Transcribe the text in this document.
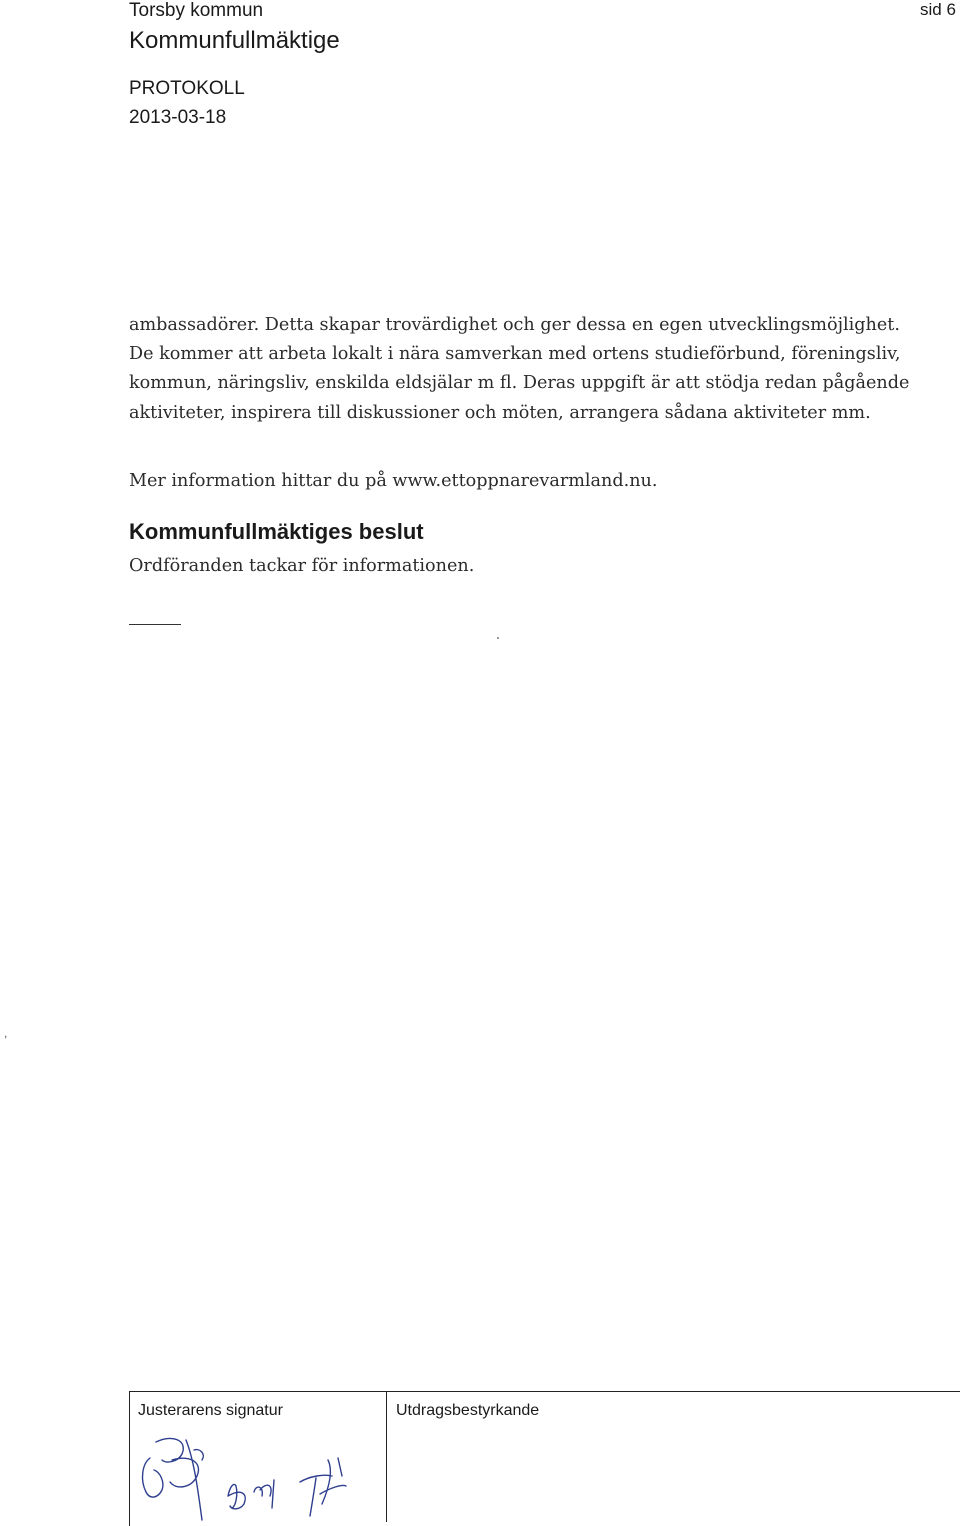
Torsby kommun
Kommunfullmäktige
sid 6
PROTOKOLL
2013-03-18
ambassadörer. Detta skapar trovärdighet och ger dessa en egen utvecklingsmöjlighet. De kommer att arbeta lokalt i nära samverkan med ortens studieförbund, föreningsliv, kommun, näringsliv, enskilda eldsjälar m fl. Deras uppgift är att stödja redan pågående aktiviteter, inspirera till diskussioner och möten, arrangera sådana aktiviteter mm.
Mer information hittar du på www.ettoppnarevarmland.nu.
Kommunfullmäktiges beslut
Ordföranden tackar för informationen.
,
Justerarens signatur	Utdragsbestyrkande
